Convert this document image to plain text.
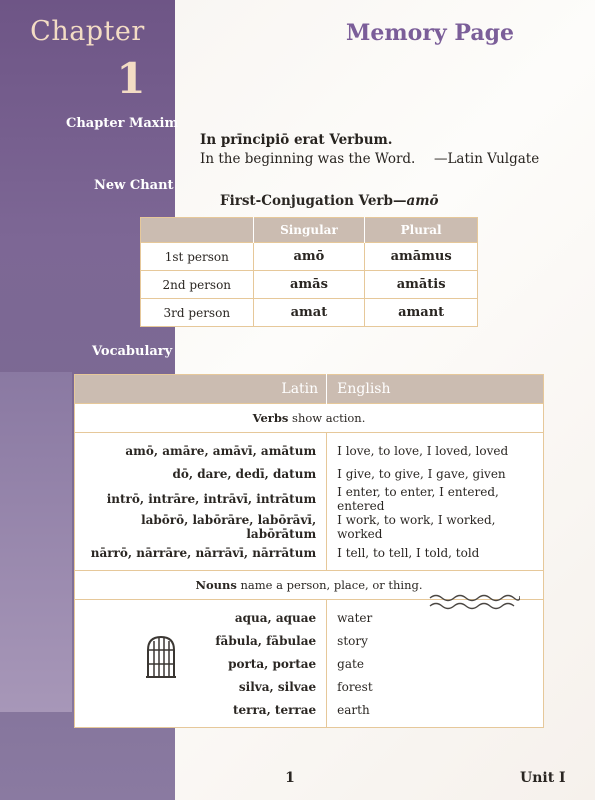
Chapter
1
Chapter Maxim
New Chant
Vocabulary
Memory Page
In prīncipiō erat Verbum.
In the beginning was the Word. —Latin Vulgate
First-Conjugation Verb—amō
	Singular	Plural
1st person	amō	amāmus
2nd person	amās	amātis
3rd person	amat	amant
Latin	English
Verbs show action.	
amō, amāre, amāvī, amātum	I love, to love, I loved, loved
dō, dare, dedī, datum	I give, to give, I gave, given
intrō, intrāre, intrāvī, intrātum	I enter, to enter, I entered, entered
labōrō, labōrāre, labōrāvī, labōrātum	I work, to work, I worked, worked
nārrō, nārrāre, nārrāvī, nārrātum	I tell, to tell, I told, told
Nouns name a person, place, or thing.	
aqua, aquae	water
fābula, fābulae	story
porta, portae	gate
silva, silvae	forest
terra, terrae	earth
1	Unit I
